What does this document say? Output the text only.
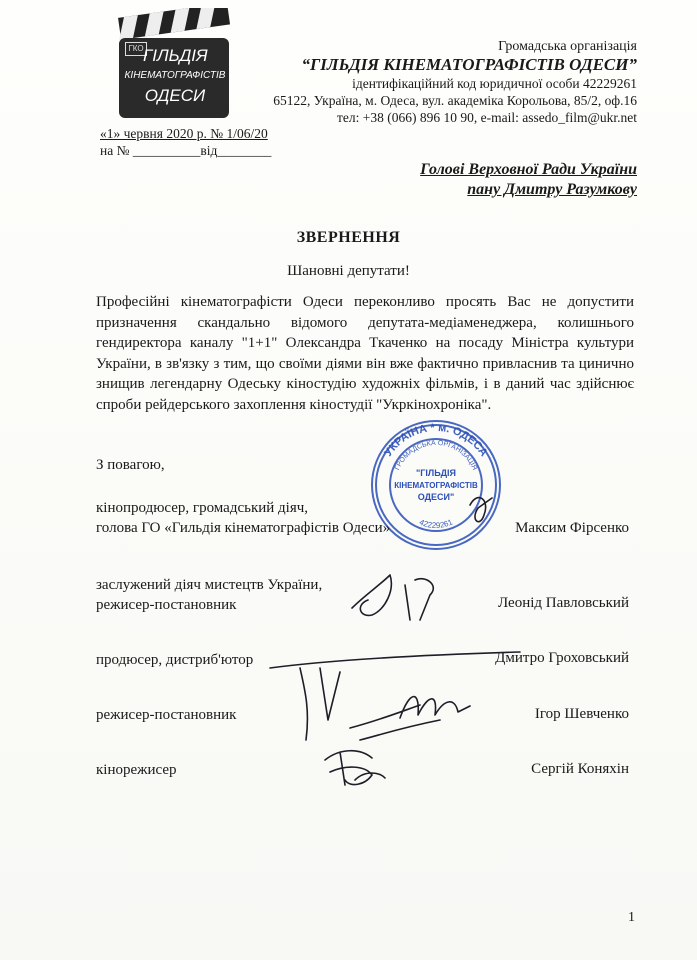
ГКО ГІЛЬДІЯ
КІНЕМАТОГРАФІСТІВ
ОДЕСИ
Громадська організація
“ГІЛЬДІЯ КІНЕМАТОГРАФІСТІВ ОДЕСИ”
ідентифікаційний код юридичної особи 42229261
65122, Україна, м. Одеса, вул. академіка Корольова, 85/2, оф.16
тел: +38 (066) 896 10 90, e-mail: assedo_film@ukr.net
«1» червня 2020 р. № 1/06/20
на № __________від________
Голові Верховної Ради України
пану Дмитру Разумкову
ЗВЕРНЕННЯ
Шановні депутати!
Професійні кінематографісти Одеси переконливо просять Вас не допустити призначення скандально відомого депутата-медіаменеджера, колишнього гендиректора каналу "1+1" Олександра Ткаченко на посаду Міністра культури України, в зв'язку з тим, що своїми діями він вже фактично привласнив та цинично знищив легендарну Одеську кіностудію художніх фільмів, і в даний час здійснює спроби рейдерського захоплення кіностудії "Укркінохроніка".
З повагою,
УКРАЇНА * м. ОДЕСА
ГРОМАДСЬКА ОРГАНІЗАЦІЯ
42229261
"ГІЛЬДІЯ
КІНЕМАТОГРАФІСТІВ
ОДЕСИ"
кінопродюсер, громадський діяч,
голова ГО «Гильдія кінематографістів Одеси»	Максим Фірсенко
заслужений діяч мистецтв України,
режисер-постановник	Леонід Павловський
продюсер, дистриб'ютор	Дмитро Гроховський
режисер-постановник	Ігор Шевченко
кінорежисер	Сергій Коняхін
1
